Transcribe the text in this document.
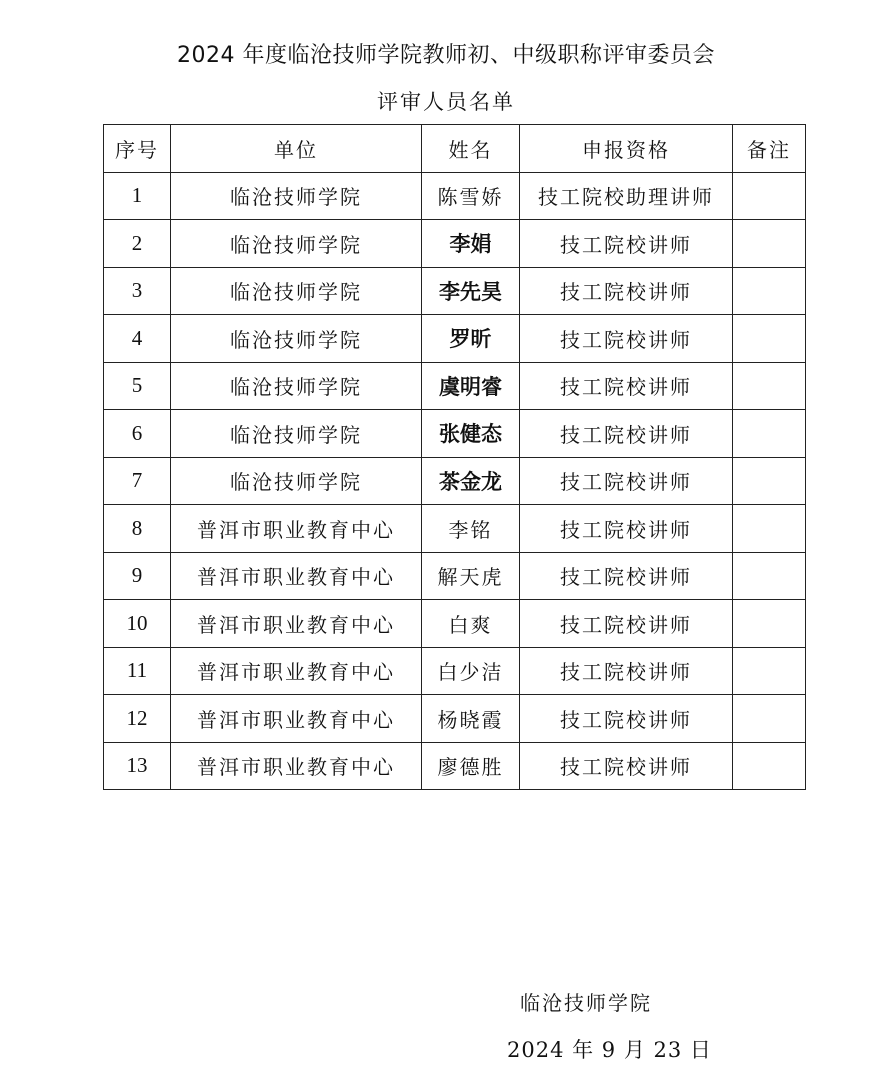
2024 年度临沧技师学院教师初、中级职称评审委员会
评审人员名单
序号	单位	姓名	申报资格	备注
1	临沧技师学院	陈雪娇	技工院校助理讲师	
2	临沧技师学院	李娟	技工院校讲师	
3	临沧技师学院	李先昊	技工院校讲师	
4	临沧技师学院	罗昕	技工院校讲师	
5	临沧技师学院	虞明睿	技工院校讲师	
6	临沧技师学院	张健态	技工院校讲师	
7	临沧技师学院	茶金龙	技工院校讲师	
8	普洱市职业教育中心	李铭	技工院校讲师	
9	普洱市职业教育中心	解天虎	技工院校讲师	
10	普洱市职业教育中心	白爽	技工院校讲师	
11	普洱市职业教育中心	白少洁	技工院校讲师	
12	普洱市职业教育中心	杨晓霞	技工院校讲师	
13	普洱市职业教育中心	廖德胜	技工院校讲师	
临沧技师学院
2024 年 9 月 23 日
